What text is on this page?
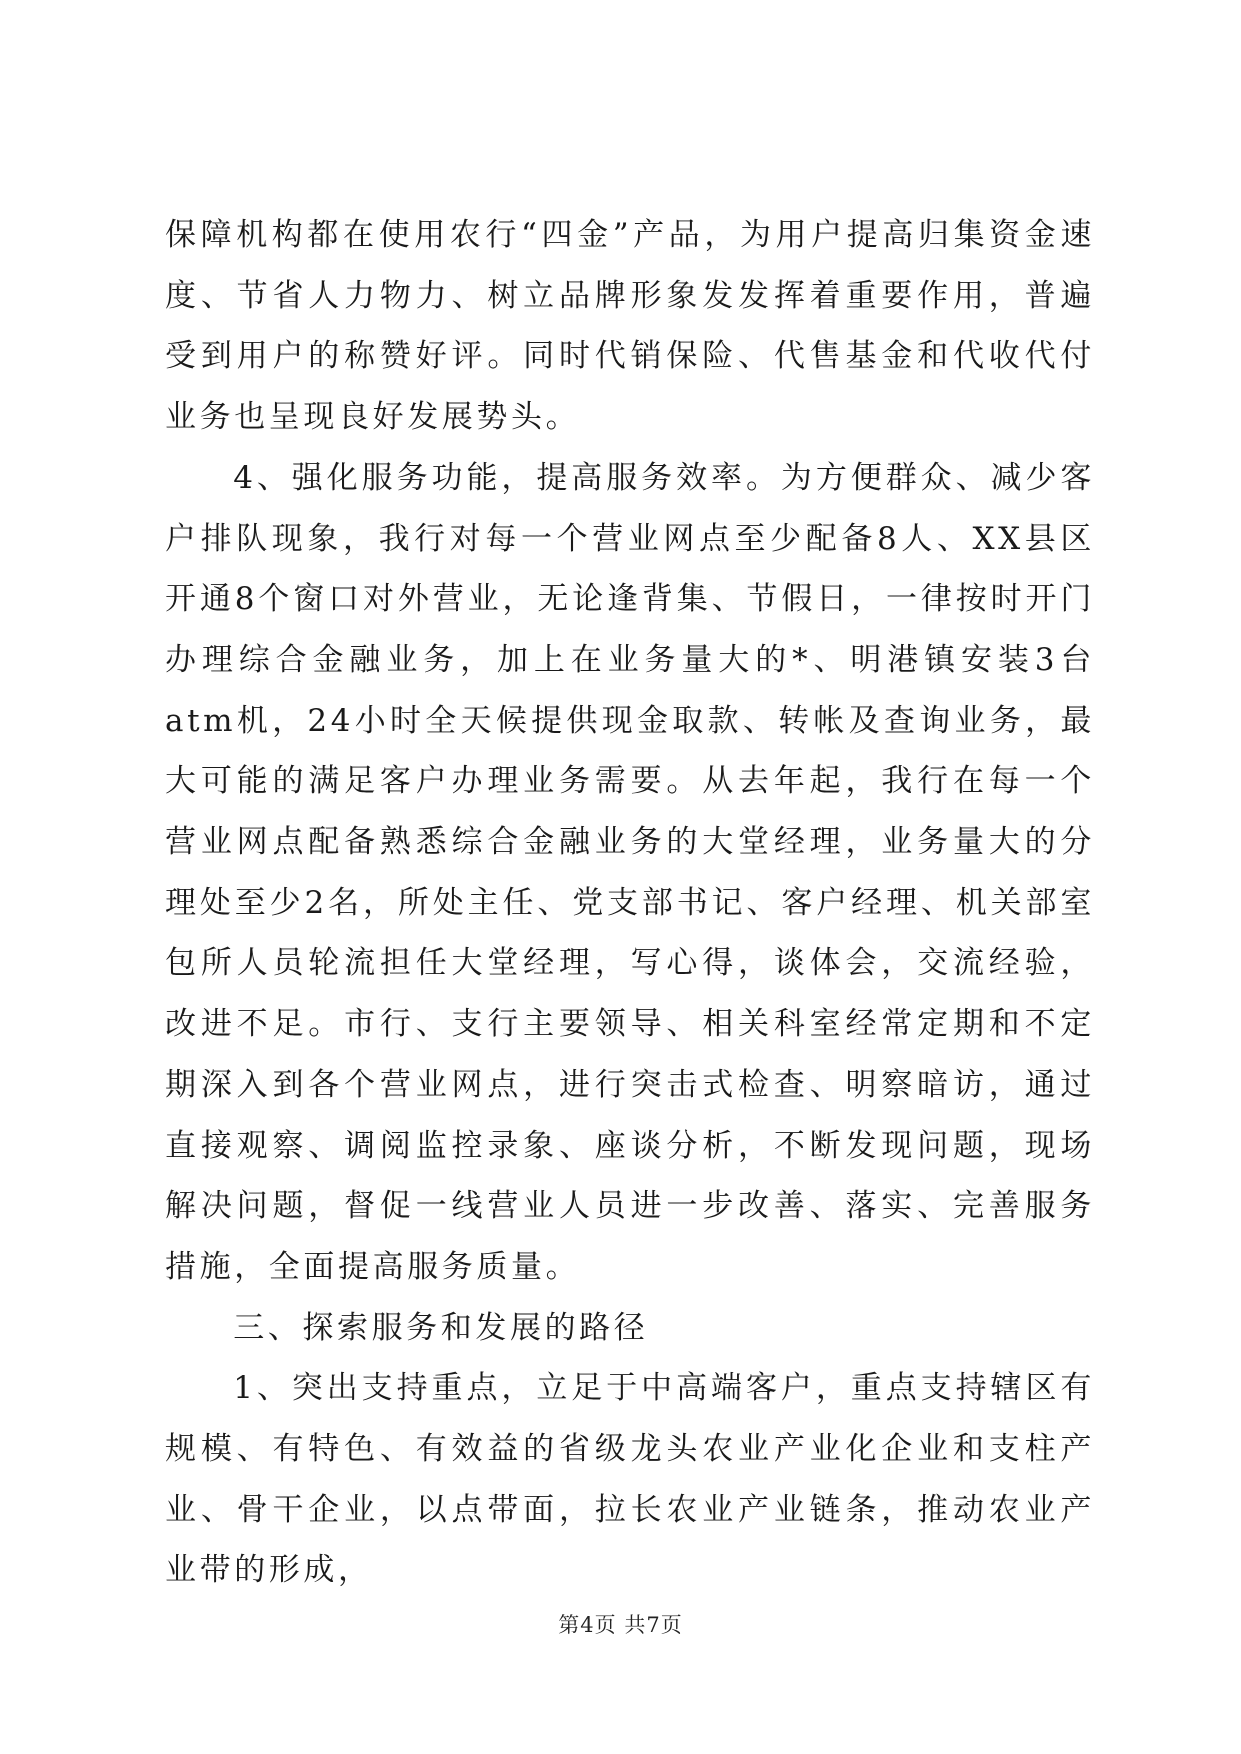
保障机构都在使用农行“四金”产品，为用户提高归集资金速度、节省人力物力、树立品牌形象发发挥着重要作用，普遍受到用户的称赞好评。同时代销保险、代售基金和代收代付业务也呈现良好发展势头。

4、强化服务功能，提高服务效率。为方便群众、减少客户排队现象，我行对每一个营业网点至少配备8人、XX县区开通8个窗口对外营业，无论逢背集、节假日，一律按时开门办理综合金融业务，加上在业务量大的*、明港镇安装3台atm机，24小时全天候提供现金取款、转帐及查询业务，最大可能的满足客户办理业务需要。从去年起，我行在每一个营业网点配备熟悉综合金融业务的大堂经理，业务量大的分理处至少2名，所处主任、党支部书记、客户经理、机关部室包所人员轮流担任大堂经理，写心得，谈体会，交流经验，改进不足。市行、支行主要领导、相关科室经常定期和不定期深入到各个营业网点，进行突击式检查、明察暗访，通过直接观察、调阅监控录象、座谈分析，不断发现问题，现场解决问题，督促一线营业人员进一步改善、落实、完善服务措施，全面提高服务质量。

三、探索服务和发展的路径

1、突出支持重点，立足于中高端客户，重点支持辖区有规模、有特色、有效益的省级龙头农业产业化企业和支柱产业、骨干企业，以点带面，拉长农业产业链条，推动农业产业带的形成，

第4页 共7页
